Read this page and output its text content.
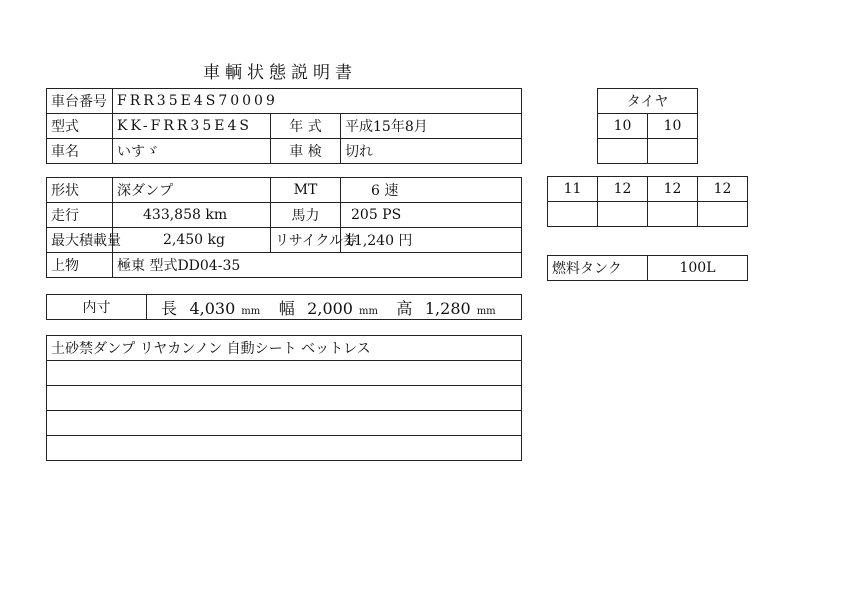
車輌状態説明書
車台番号	FRR35E4S70009		
型式	KK-FRR35E4S	年 式	平成15年8月
車名	いすゞ	車 検	切れ
形状	深ダンプ	MT	6 速
走行	433,858 km	馬力	205 PS
最大積載量	2,450 kg	リサイクル券	11,240 円
上物	極東 型式DD04-35		
内寸	長 4,030 mm 幅 2,000 mm 高 1,280 mm
土砂禁ダンプ リヤカンノン 自動シート ベットレス

タイヤ	
10	10

11	12	12	12

燃料タンク	100L
